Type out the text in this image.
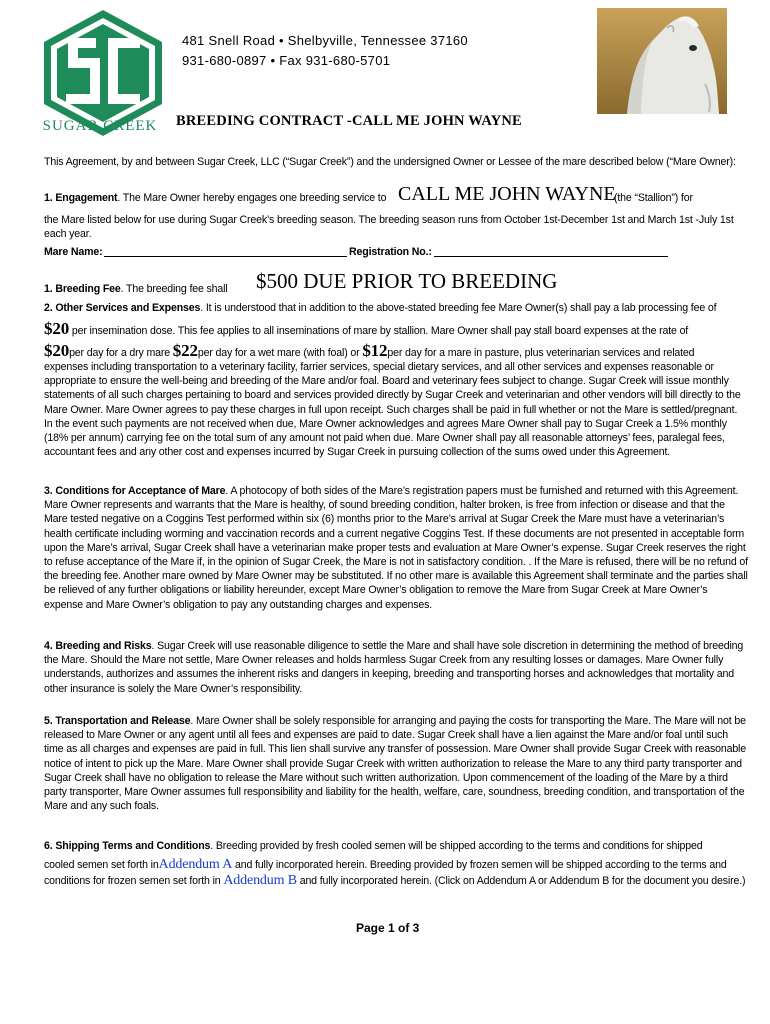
SUGAR CREEK
481 Snell Road • Shelbyville, Tennessee 37160
931-680-0897 • Fax 931-680-5701
BREEDING CONTRACT -CALL ME JOHN WAYNE

This Agreement, by and between Sugar Creek, LLC (“Sugar Creek”) and the undersigned Owner or Lessee of the mare described below (“Mare Owner):

1. Engagement. The Mare Owner hereby engages one breeding service to CALL ME JOHN WAYNE
(the “Stallion”) for

the Mare listed below for use during Sugar Creek’s breeding season. The breeding season runs from October 1st-December 1st and March 1st -July 1st each year.

Mare Name:	Registration No.:
1. Breeding Fee. The breeding fee shall $500 DUE PRIOR TO BREEDING
2. Other Services and Expenses. It is understood that in addition to the above-stated breeding fee Mare Owner(s) shall pay a lab processing fee of
$20 per insemination dose. This fee applies to all inseminations of mare by stallion. Mare Owner shall pay stall board expenses at the rate of
$20per day for a dry mare $22per day for a wet mare (with foal) or $12per day for a mare in pasture, plus veterinarian services and related

expenses including transportation to a veterinary facility, farrier services, special dietary services, and all other services and expenses reasonable or appropriate to ensure the well-being and breeding of the Mare and/or foal. Board and veterinary fees subject to change. Sugar Creek will issue monthly statements of all such charges pertaining to board and services provided directly by Sugar Creek and veterinarian and other vendors will bill directly to the Mare Owner. Mare Owner agrees to pay these charges in full upon receipt. Such charges shall be paid in full whether or not the Mare is settled/pregnant. In the event such payments are not received when due, Mare Owner acknowledges and agrees Mare Owner shall pay to Sugar Creek a 1.5% monthly (18% per annum) carrying fee on the total sum of any amount not paid when due. Mare Owner shall pay all reasonable attorneys’ fees, paralegal fees, accountant fees and any other cost and expenses incurred by Sugar Creek in pursuing collection of the sums owed under this Agreement.

3. Conditions for Acceptance of Mare. A photocopy of both sides of the Mare’s registration papers must be furnished and returned with this Agreement. Mare Owner represents and warrants that the Mare is healthy, of sound breeding condition, halter broken, is free from infection or disease and that the Mare tested negative on a Coggins Test performed within six (6) months prior to the Mare’s arrival at Sugar Creek the Mare must have a veterinarian’s health certificate including worming and vaccination records and a current negative Coggins Test. If these documents are not presented in acceptable form upon the Mare’s arrival, Sugar Creek shall have a veterinarian make proper tests and evaluation at Mare Owner’s expense. Sugar Creek reserves the right to refuse acceptance of the Mare if, in the opinion of Sugar Creek, the Mare is not in satisfactory condition. . If the Mare is refused, there will be no refund of the breeding fee. Another mare owned by Mare Owner may be substituted. If no other mare is available this Agreement shall terminate and the parties shall be relieved of any further obligations or liability hereunder, except Mare Owner’s obligation to remove the Mare from Sugar Creek at Mare Owner’s expense and Mare Owner’s obligation to pay any outstanding charges and expenses.

4. Breeding and Risks. Sugar Creek will use reasonable diligence to settle the Mare and shall have sole discretion in determining the method of breeding the Mare. Should the Mare not settle, Mare Owner releases and holds harmless Sugar Creek from any resulting losses or damages. Mare Owner fully understands, authorizes and assumes the inherent risks and dangers in keeping, breeding and transporting horses and acknowledges that mortality and other insurance is solely the Mare Owner’s responsibility.

5. Transportation and Release. Mare Owner shall be solely responsible for arranging and paying the costs for transporting the Mare. The Mare will not be released to Mare Owner or any agent until all fees and expenses are paid to date. Sugar Creek shall have a lien against the Mare and/or foal until such time as all charges and expenses are paid in full. This lien shall survive any transfer of possession. Mare Owner shall provide Sugar Creek with reasonable notice of intent to pick up the Mare. Mare Owner shall provide Sugar Creek with written authorization to release the Mare to any third party transporter and Sugar Creek shall have no obligation to release the Mare without such written authorization. Upon commencement of the loading of the Mare by a third party transporter, Mare Owner assumes full responsibility and liability for the health, welfare, care, soundness, breeding condition, and transportation of the Mare and any such foals.

6. Shipping Terms and Conditions. Breeding provided by fresh cooled semen will be shipped according to the terms and conditions for shipped
cooled semen set forth inAddendum A and fully incorporated herein. Breeding provided by frozen semen will be shipped according to the terms and
conditions for frozen semen set forth in Addendum B and fully incorporated herein. (Click on Addendum A or Addendum B for the document you desire.)
Page 1 of 3
